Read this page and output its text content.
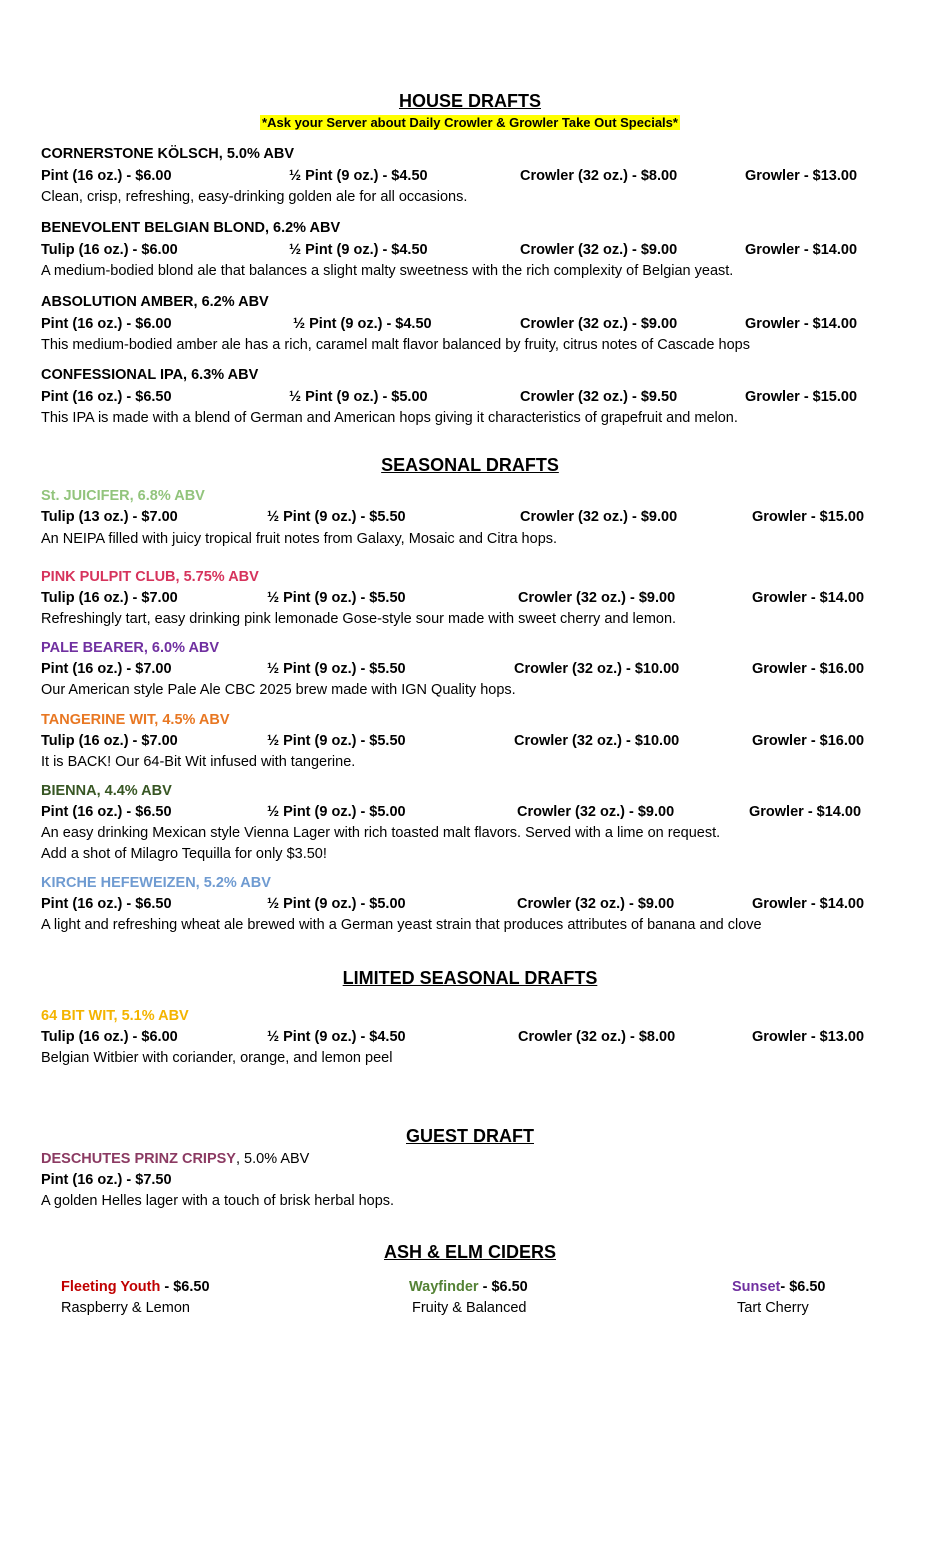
HOUSE DRAFTS
*Ask your Server about Daily Crowler & Growler Take Out Specials*
CORNERSTONE KÖLSCH, 5.0% ABV
Pint (16 oz.) - $6.00	½ Pint (9 oz.) - $4.50	Crowler (32 oz.) - $8.00	Growler - $13.00
Clean, crisp, refreshing, easy-drinking golden ale for all occasions.
BENEVOLENT BELGIAN BLOND, 6.2% ABV
Tulip (16 oz.) - $6.00	½ Pint (9 oz.) - $4.50	Crowler (32 oz.) - $9.00	Growler - $14.00
A medium-bodied blond ale that balances a slight malty sweetness with the rich complexity of Belgian yeast.
ABSOLUTION AMBER, 6.2% ABV
Pint (16 oz.) - $6.00	½ Pint (9 oz.) - $4.50	Crowler (32 oz.) - $9.00	Growler - $14.00
This medium-bodied amber ale has a rich, caramel malt flavor balanced by fruity, citrus notes of Cascade hops
CONFESSIONAL IPA, 6.3% ABV
Pint (16 oz.) - $6.50	½ Pint (9 oz.) - $5.00	Crowler (32 oz.) - $9.50	Growler - $15.00
This IPA is made with a blend of German and American hops giving it characteristics of grapefruit and melon.
SEASONAL DRAFTS
St. JUICIFER, 6.8% ABV
Tulip (13 oz.) - $7.00	½ Pint (9 oz.) - $5.50	Crowler (32 oz.) - $9.00	Growler - $15.00
An NEIPA filled with juicy tropical fruit notes from Galaxy, Mosaic and Citra hops.
PINK PULPIT CLUB, 5.75% ABV
Tulip (16 oz.) - $7.00	½ Pint (9 oz.) - $5.50	Crowler (32 oz.) - $9.00	Growler - $14.00
Refreshingly tart, easy drinking pink lemonade Gose-style sour made with sweet cherry and lemon.
PALE BEARER, 6.0% ABV
Pint (16 oz.) - $7.00	½ Pint (9 oz.) - $5.50	Crowler (32 oz.) - $10.00	Growler - $16.00
Our American style Pale Ale CBC 2025 brew made with IGN Quality hops.
TANGERINE WIT, 4.5% ABV
Tulip (16 oz.) - $7.00	½ Pint (9 oz.) - $5.50	Crowler (32 oz.) - $10.00	Growler - $16.00
It is BACK! Our 64-Bit Wit infused with tangerine.
BIENNA, 4.4% ABV
Pint (16 oz.) - $6.50	½ Pint (9 oz.) - $5.00	Crowler (32 oz.) - $9.00	Growler - $14.00
An easy drinking Mexican style Vienna Lager with rich toasted malt flavors. Served with a lime on request.
Add a shot of Milagro Tequilla for only $3.50!
KIRCHE HEFEWEIZEN, 5.2% ABV
Pint (16 oz.) - $6.50	½ Pint (9 oz.) - $5.00	Crowler (32 oz.) - $9.00	Growler - $14.00
A light and refreshing wheat ale brewed with a German yeast strain that produces attributes of banana and clove
LIMITED SEASONAL DRAFTS
64 BIT WIT, 5.1% ABV
Tulip (16 oz.) - $6.00	½ Pint (9 oz.) - $4.50	Crowler (32 oz.) - $8.00	Growler - $13.00
Belgian Witbier with coriander, orange, and lemon peel
GUEST DRAFT
DESCHUTES PRINZ CRIPSY, 5.0% ABV
Pint (16 oz.) - $7.50
A golden Helles lager with a touch of brisk herbal hops.
ASH & ELM CIDERS
Fleeting Youth - $6.50
Raspberry & Lemon
Wayfinder - $6.50
Fruity & Balanced
Sunset- $6.50
Tart Cherry
